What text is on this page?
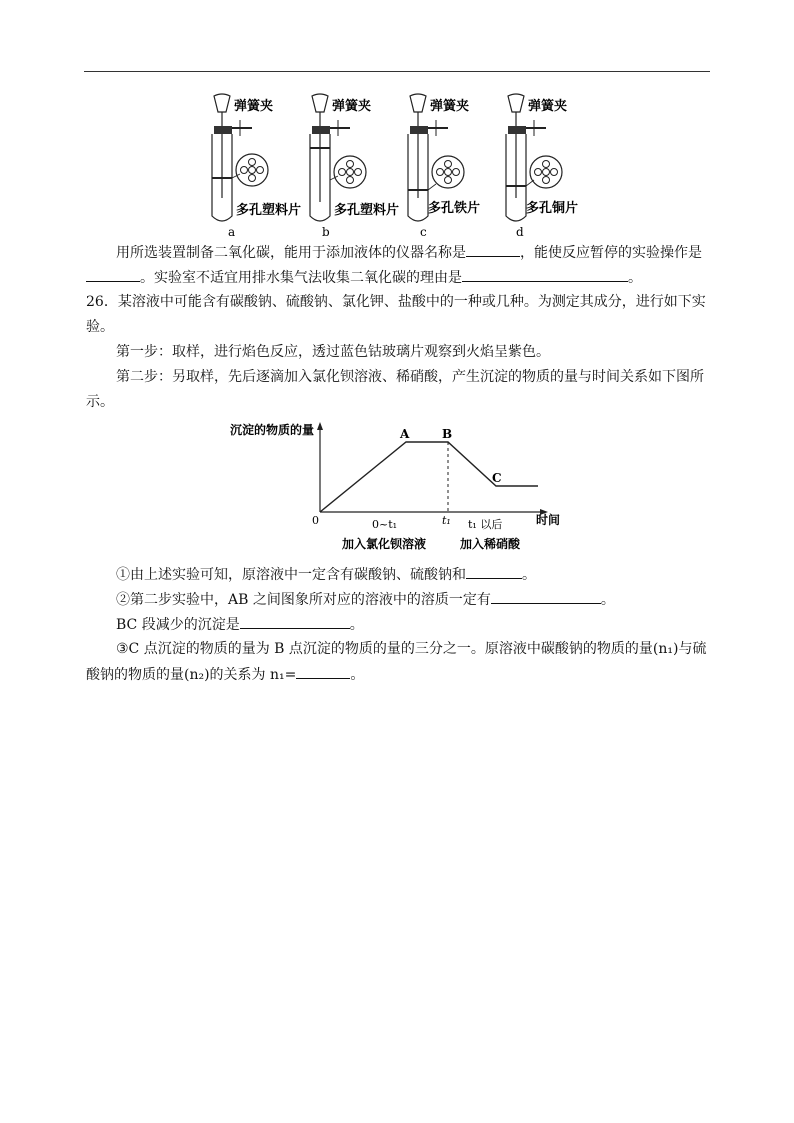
弹簧夹
多孔塑料片
a
弹簧夹
多孔塑料片
b
弹簧夹
多孔铁片
c
弹簧夹
多孔铜片
d
用所选装置制备二氧化碳，能用于添加液体的仪器名称是	，能使反应暂停的实验操作是
。实验室不适宜用排水集气法收集二氧化碳的理由是	。
26．某溶液中可能含有碳酸钠、硫酸钠、氯化钾、盐酸中的一种或几种。为测定其成分，进行如下实
验。
第一步：取样，进行焰色反应，透过蓝色钴玻璃片观察到火焰呈紫色。
第二步：另取样，先后逐滴加入氯化钡溶液、稀硝酸，产生沉淀的物质的量与时间关系如下图所
示。
沉淀的物质的量	A	B
C
0	0~t₁	t₁ t₁ 以后	时间
加入氯化钡溶液	加入稀硝酸
①由上述实验可知，原溶液中一定含有碳酸钠、硫酸钠和	。
②第二步实验中，AB 之间图象所对应的溶液中的溶质一定有	。
BC 段减少的沉淀是	。
③C 点沉淀的物质的量为 B 点沉淀的物质的量的三分之一。原溶液中碳酸钠的物质的量(n₁)与硫
酸钠的物质的量(n₂)的关系为 n₁=	。
